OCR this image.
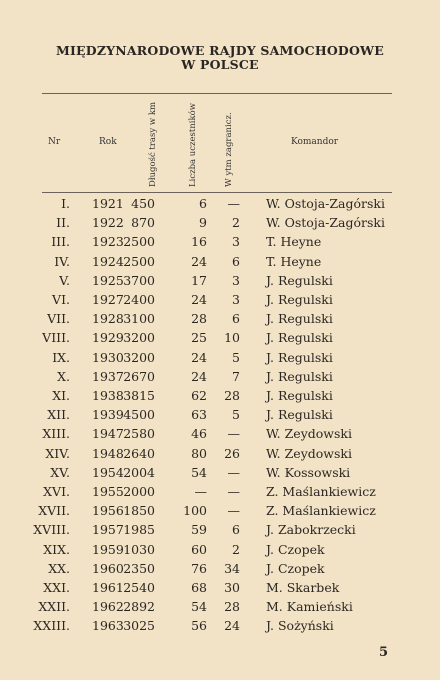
MIĘDZYNARODOWE RAJDY SAMOCHODOWE
W POLSCE
Nr	Rok	Długość trasy w km	Liczba uczestników	W ytm zagranicz.	Komandor
I. 1921 450	6 — W. Ostoja-Zagórski
II. 1922 870	9 2 W. Ostoja-Zagórski
III. 1923 2500	16 3 T. Heyne
IV. 1924 2500	24 6 T. Heyne
V. 1925 3700	17 3 J. Regulski
VI. 1927 2400	24 3 J. Regulski
VII. 1928 3100	28 6 J. Regulski
VIII. 1929 3200	25 10 J. Regulski
IX. 1930 3200	24 5 J. Regulski
X. 1937 2670	24 7 J. Regulski
XI. 1938 3815	62 28 J. Regulski
XII. 1939 4500	63 5 J. Regulski
XIII. 1947 2580	46 — W. Zeydowski
XIV. 1948 2640	80 26 W. Zeydowski
XV. 1954 2004	54 — W. Kossowski
XVI. 1955 2000	— — Z. Maślankiewicz
XVII. 1956 1850 100 — Z. Maślankiewicz
XVIII. 1957 1985	59 6 J. Zabokrzecki
XIX. 1959 1030	60 2 J. Czopek
XX. 1960 2350	76 34 J. Czopek
XXI. 1961 2540	68 30 M. Skarbek
XXII. 1962 2892	54 28 M. Kamieński
XXIII. 1963 3025	56 24 J. Sożyński
5
